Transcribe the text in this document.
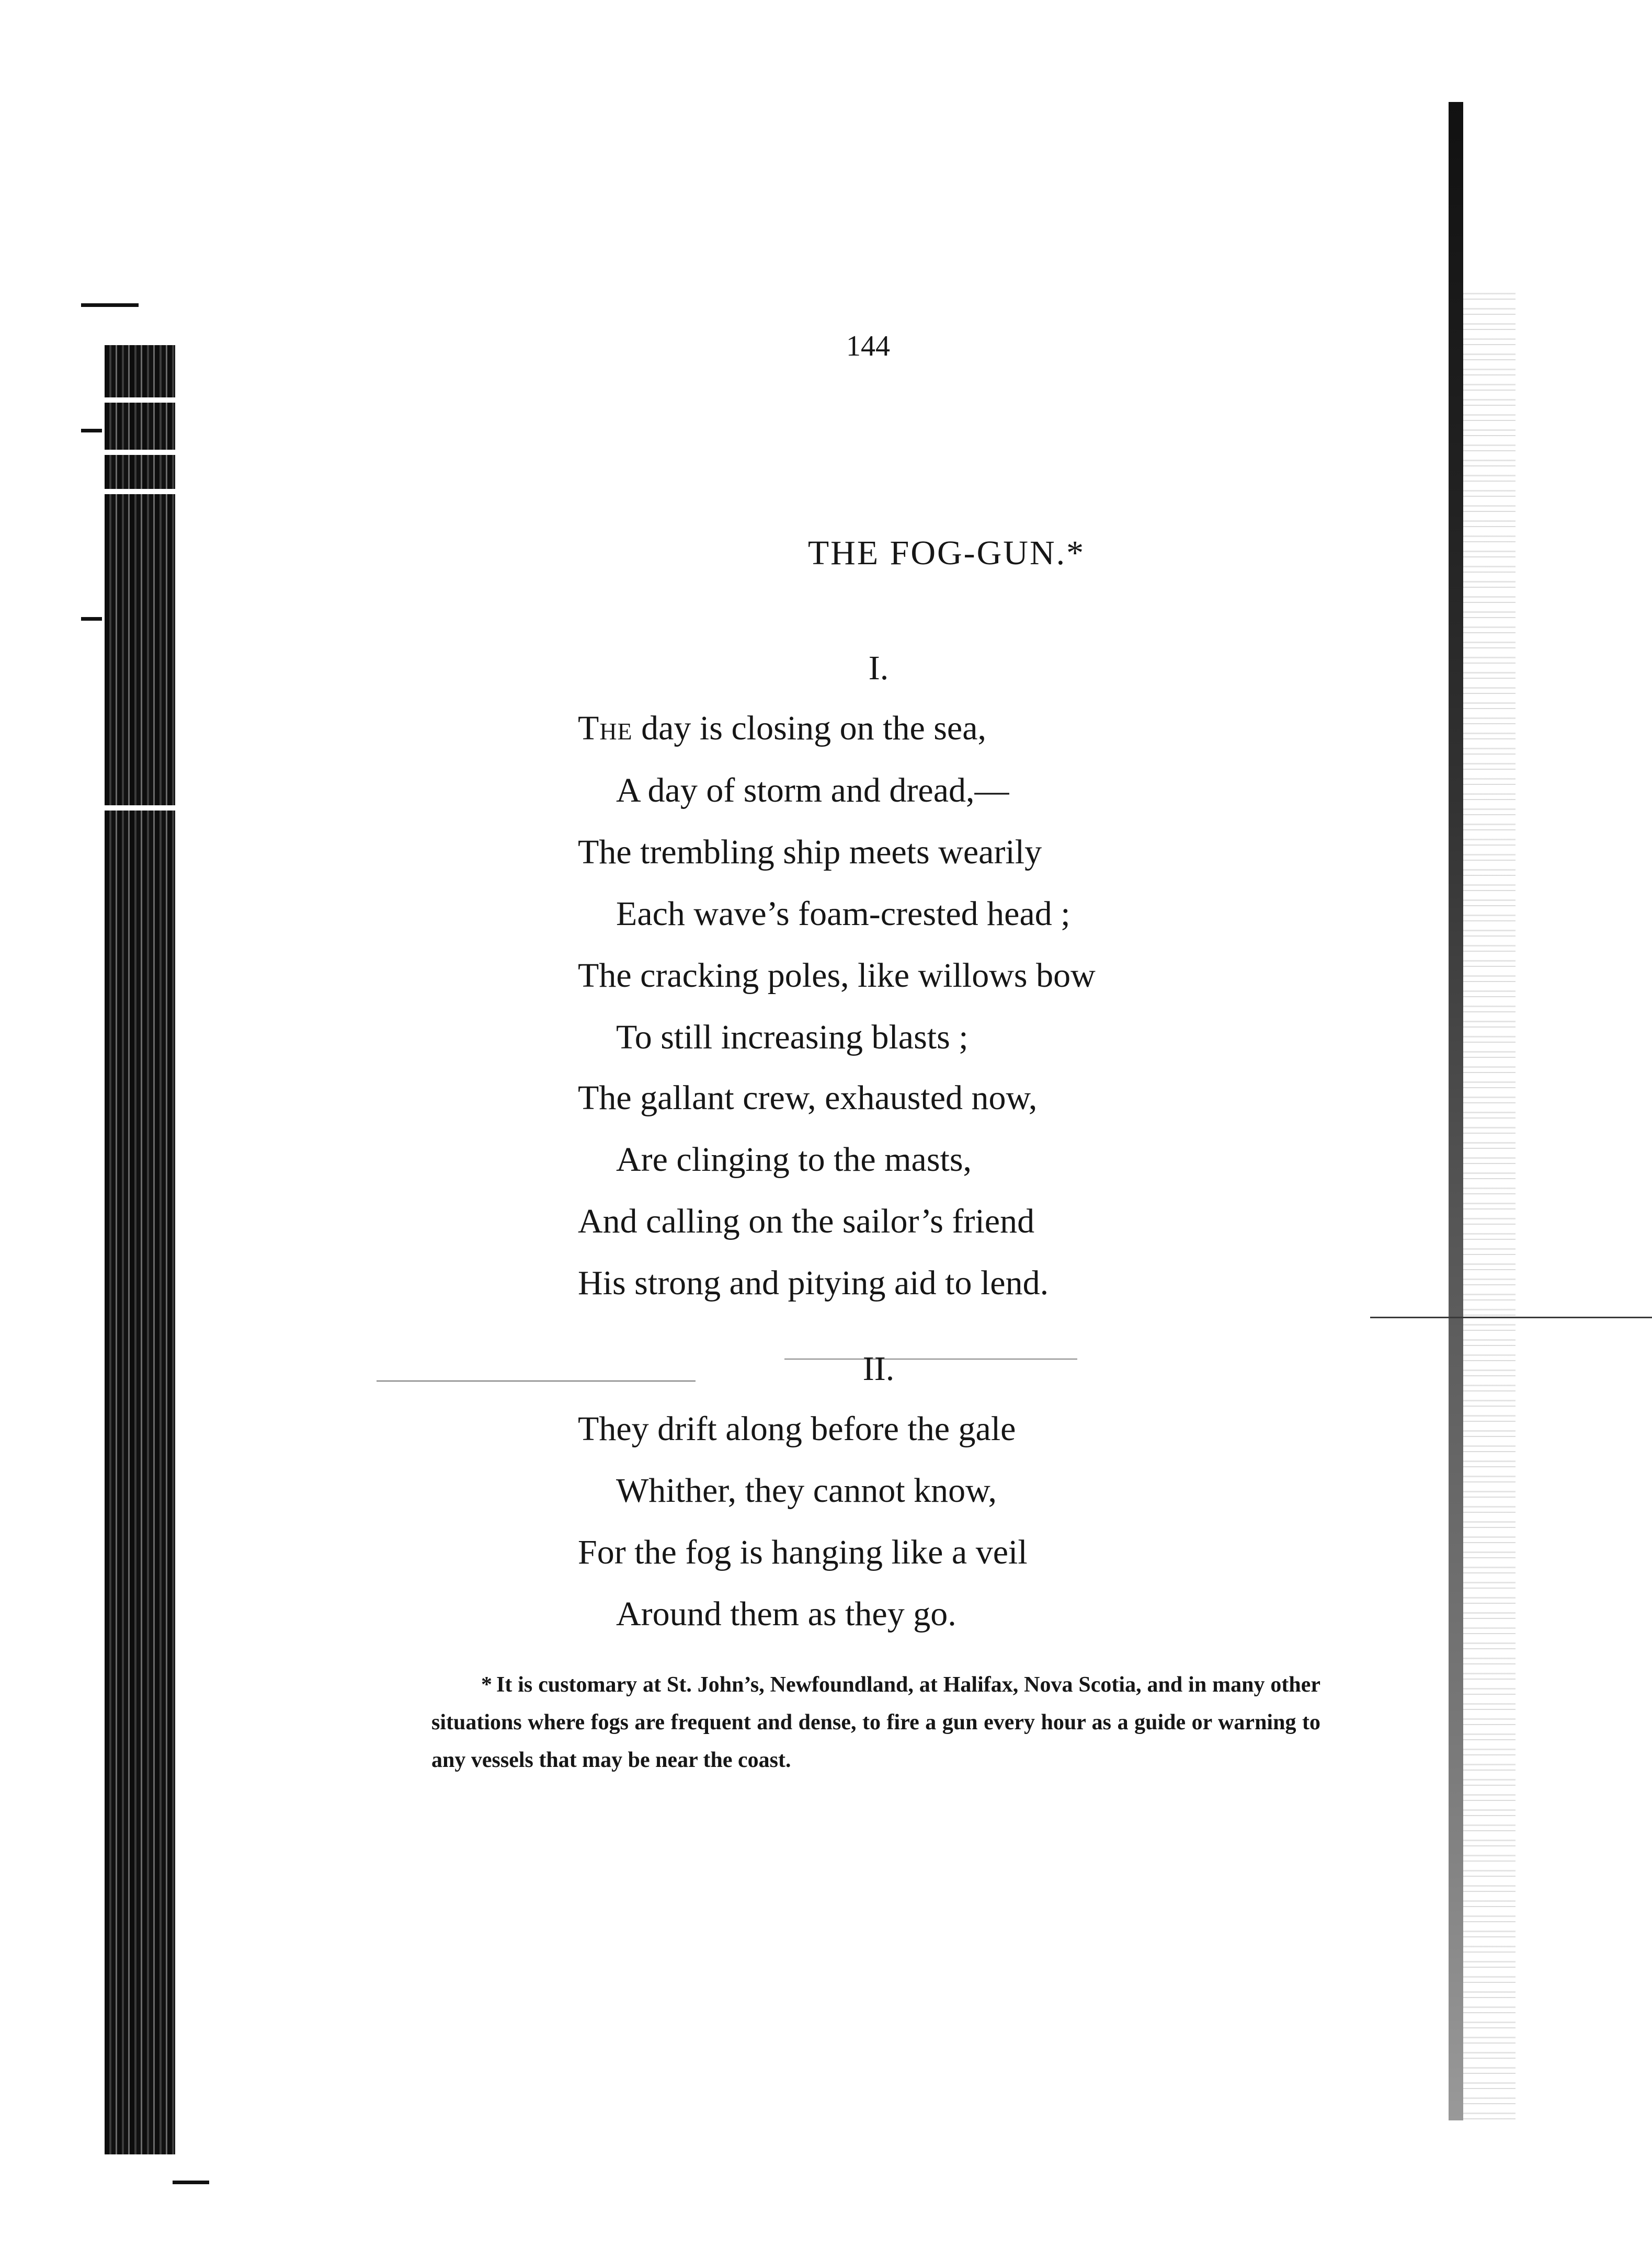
144
THE FOG-GUN.*
I.
The day is closing on the sea,
A day of storm and dread,—
The trembling ship meets wearily
Each wave’s foam-crested head ;
The cracking poles, like willows bow
To still increasing blasts ;
The gallant crew, exhausted now,
Are clinging to the masts,
And calling on the sailor’s friend
His strong and pitying aid to lend.
II.
They drift along before the gale
Whither, they cannot know,
For the fog is hanging like a veil
Around them as they go.
* It is customary at St. John’s, Newfoundland, at Halifax, Nova Scotia, and in many other situations where fogs are frequent and dense, to fire a gun every hour as a guide or warning to any vessels that may be near the coast.
